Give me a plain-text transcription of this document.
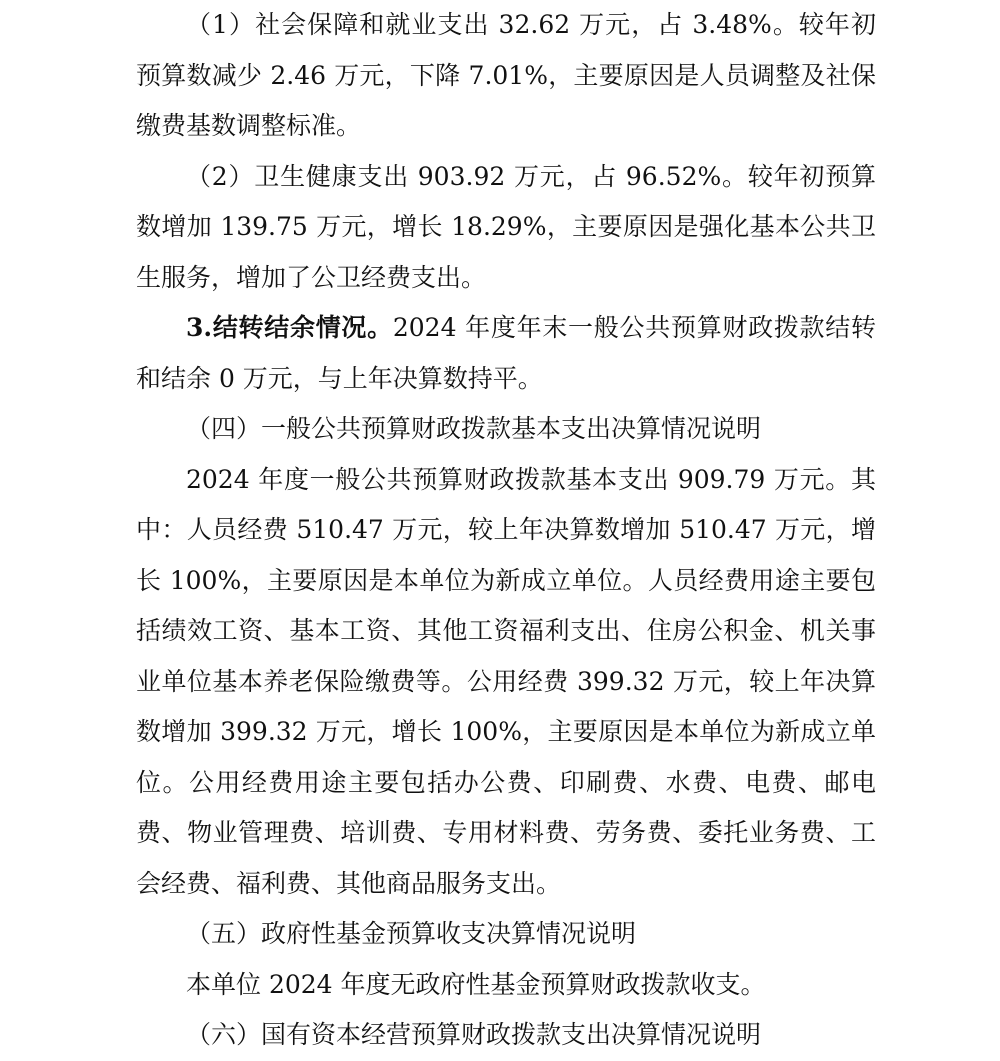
（1）社会保障和就业支出 32.62 万元，占 3.48%。较年初预算数减少 2.46 万元，下降 7.01%，主要原因是人员调整及社保缴费基数调整标准。

（2）卫生健康支出 903.92 万元，占 96.52%。较年初预算数增加 139.75 万元，增长 18.29%，主要原因是强化基本公共卫生服务，增加了公卫经费支出。

3.结转结余情况。2024 年度年末一般公共预算财政拨款结转和结余 0 万元，与上年决算数持平。

（四）一般公共预算财政拨款基本支出决算情况说明

2024 年度一般公共预算财政拨款基本支出 909.79 万元。其中：人员经费 510.47 万元，较上年决算数增加 510.47 万元，增长 100%，主要原因是本单位为新成立单位。人员经费用途主要包括绩效工资、基本工资、其他工资福利支出、住房公积金、机关事业单位基本养老保险缴费等。公用经费 399.32 万元，较上年决算数增加 399.32 万元，增长 100%，主要原因是本单位为新成立单位。公用经费用途主要包括办公费、印刷费、水费、电费、邮电费、物业管理费、培训费、专用材料费、劳务费、委托业务费、工会经费、福利费、其他商品服务支出。

（五）政府性基金预算收支决算情况说明

本单位 2024 年度无政府性基金预算财政拨款收支。

（六）国有资本经营预算财政拨款支出决算情况说明
